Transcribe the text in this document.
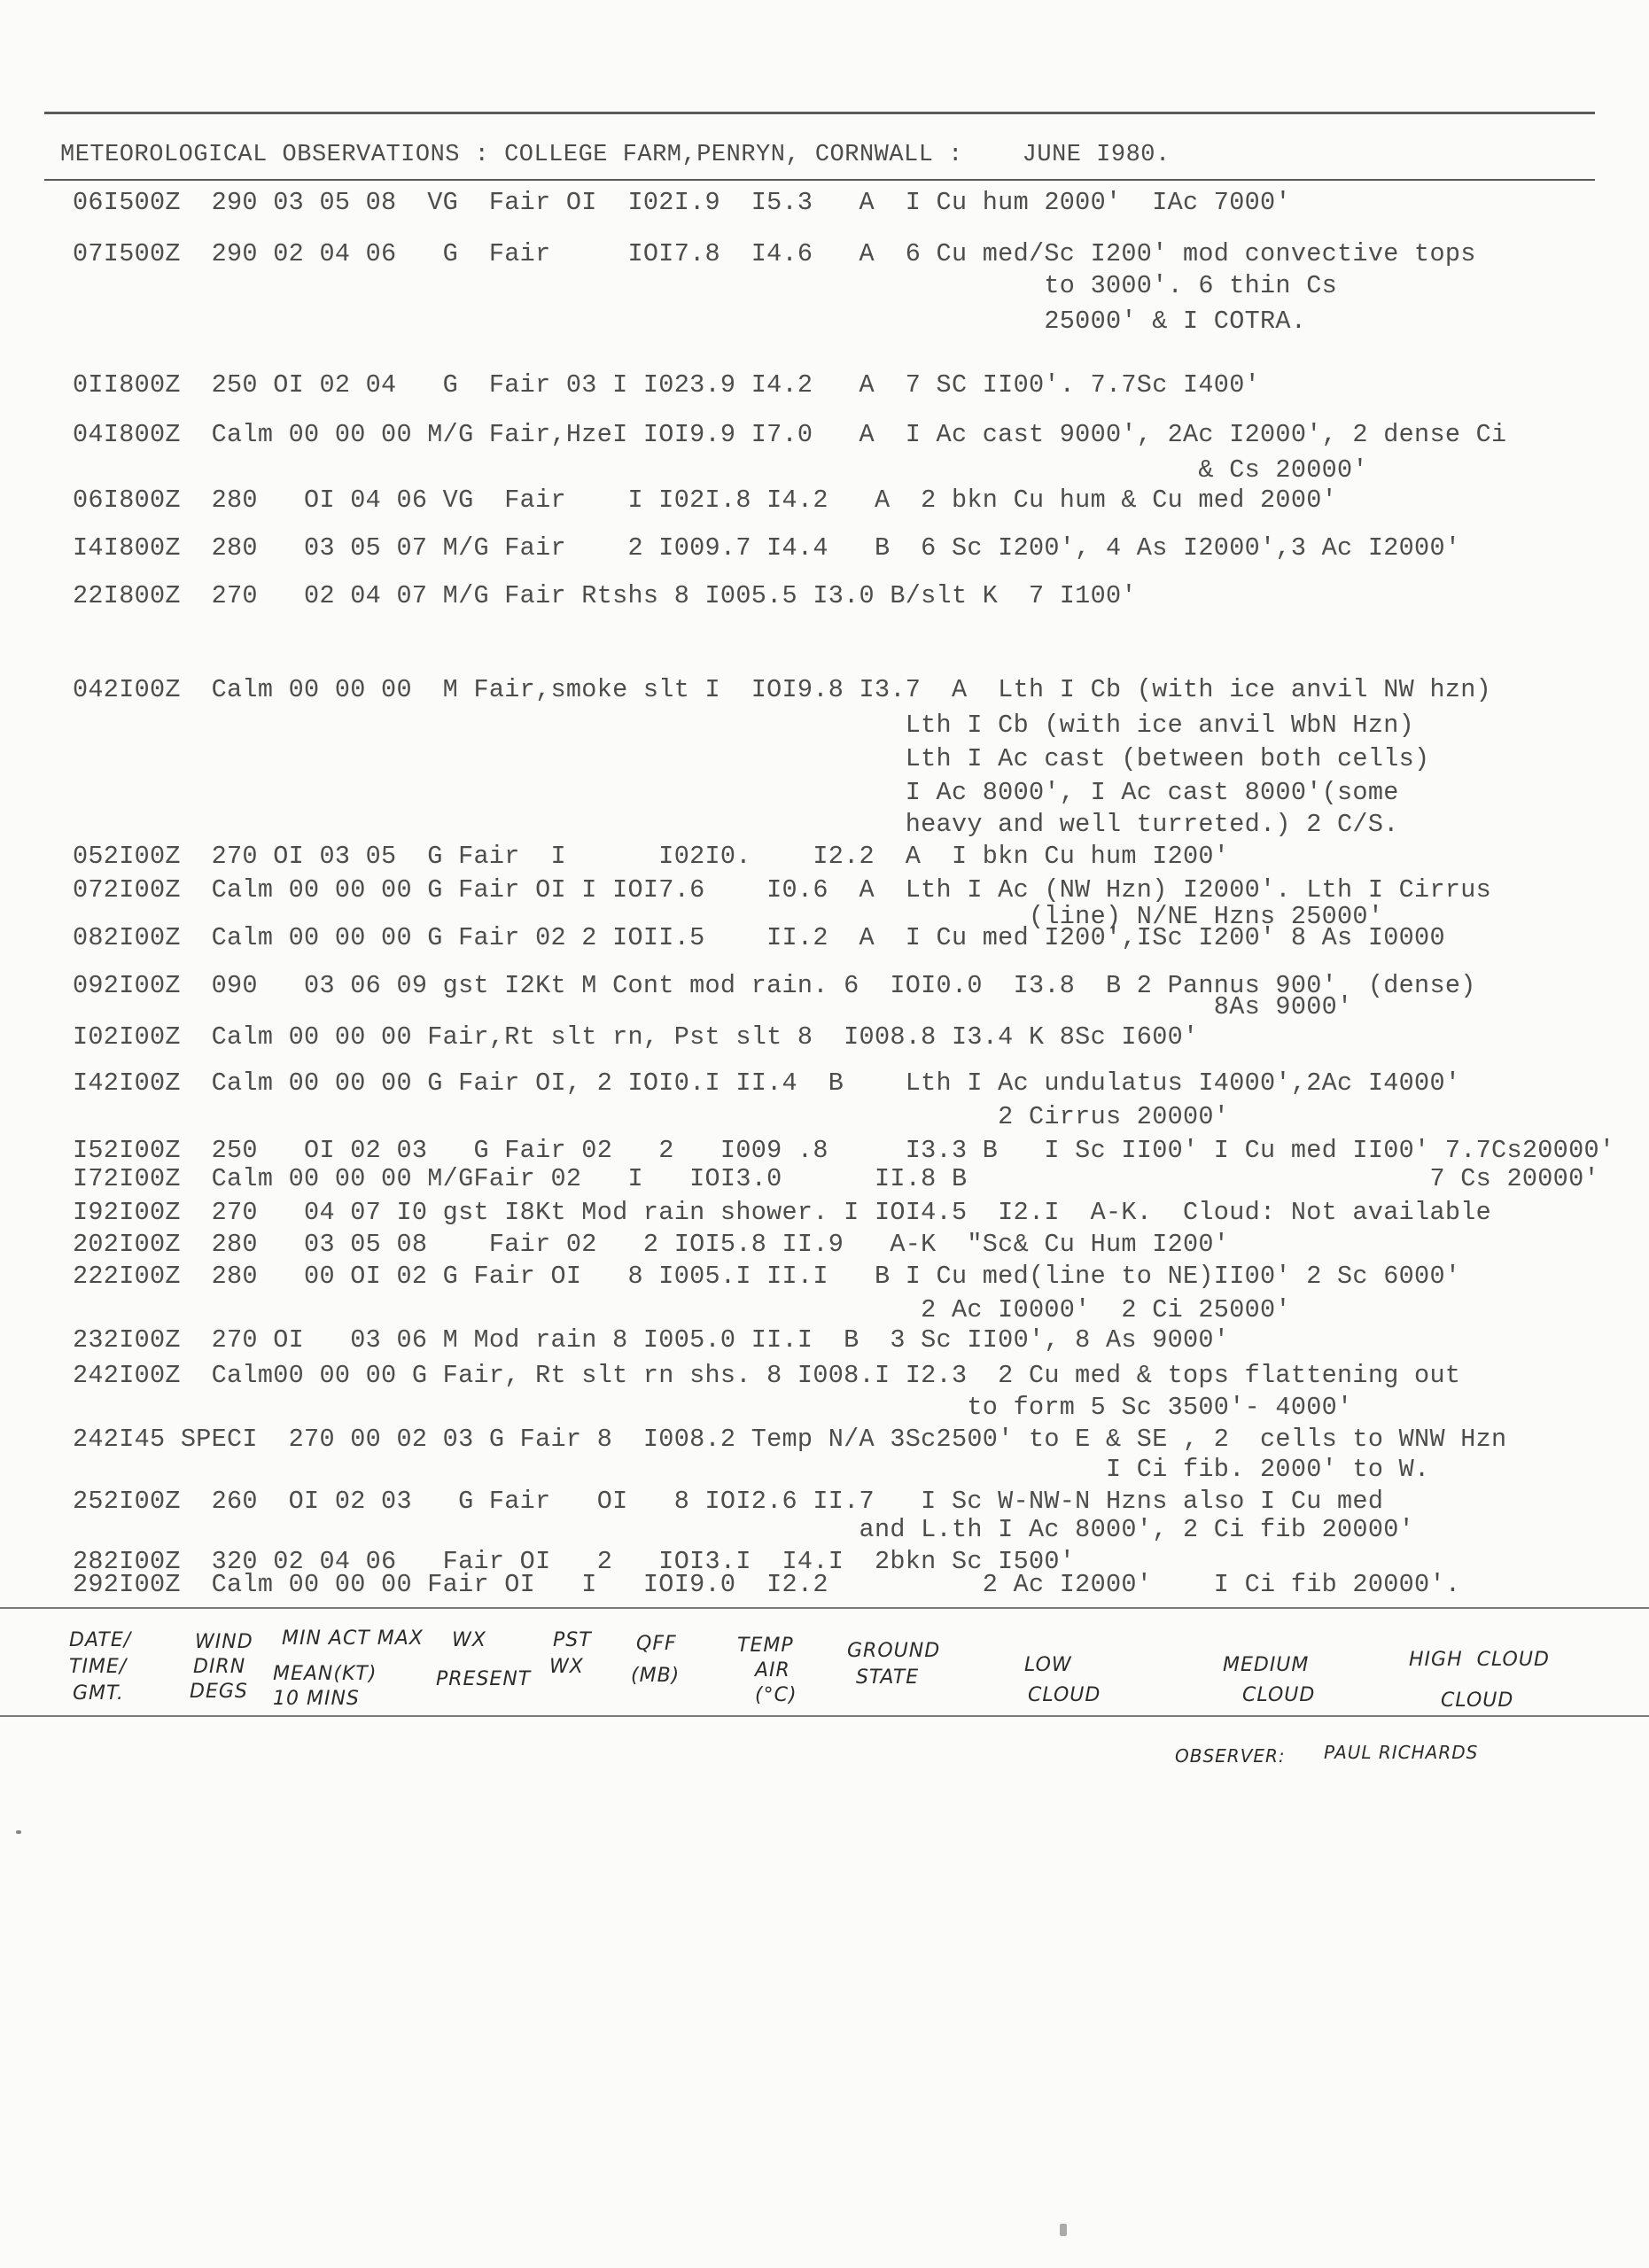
METEOROLOGICAL OBSERVATIONS : COLLEGE FARM,PENRYN, CORNWALL :    JUNE I980.
06I500Z  290 03 05 08  VG  Fair OI  I02I.9  I5.3   A  I Cu hum 2000'  IAc 7000'
07I500Z  290 02 04 06   G  Fair     IOI7.8  I4.6   A  6 Cu med/Sc I200' mod convective tops
to 3000'. 6 thin Cs
25000' & I COTRA.
0II800Z  250 OI 02 04   G  Fair 03 I I023.9 I4.2   A  7 SC II00'. 7.7Sc I400'
04I800Z  Calm 00 00 00 M/G Fair,HzeI IOI9.9 I7.0   A  I Ac cast 9000', 2Ac I2000', 2 dense Ci
& Cs 20000'
06I800Z  280   OI 04 06 VG  Fair    I I02I.8 I4.2   A  2 bkn Cu hum & Cu med 2000'
I4I800Z  280   03 05 07 M/G Fair    2 I009.7 I4.4   B  6 Sc I200', 4 As I2000',3 Ac I2000'
22I800Z  270   02 04 07 M/G Fair Rtshs 8 I005.5 I3.0 B/slt K  7 I100'
042I00Z  Calm 00 00 00  M Fair,smoke slt I  IOI9.8 I3.7  A  Lth I Cb (with ice anvil NW hzn)
Lth I Cb (with ice anvil WbN Hzn)
Lth I Ac cast (between both cells)
I Ac 8000', I Ac cast 8000'(some
heavy and well turreted.) 2 C/S.
052I00Z  270 OI 03 05  G Fair  I      I02I0.    I2.2  A  I bkn Cu hum I200'
072I00Z  Calm 00 00 00 G Fair OI I IOI7.6    I0.6  A  Lth I Ac (NW Hzn) I2000'. Lth I Cirrus
(line) N/NE Hzns 25000'
082I00Z  Calm 00 00 00 G Fair 02 2 IOII.5    II.2  A  I Cu med I200',ISc I200' 8 As I0000
092I00Z  090   03 06 09 gst I2Kt M Cont mod rain. 6  IOI0.0  I3.8  B 2 Pannus 900'  (dense)
8As 9000'
I02I00Z  Calm 00 00 00 Fair,Rt slt rn, Pst slt 8  I008.8 I3.4 K 8Sc I600'
I42I00Z  Calm 00 00 00 G Fair OI, 2 IOI0.I II.4  B    Lth I Ac undulatus I4000',2Ac I4000'
2 Cirrus 20000'
I52I00Z  250   OI 02 03   G Fair 02   2   I009 .8     I3.3 B   I Sc II00' I Cu med II00' 7.7Cs20000'
I72I00Z  Calm 00 00 00 M/GFair 02   I   IOI3.0      II.8 B                              7 Cs 20000'
I92I00Z  270   04 07 I0 gst I8Kt Mod rain shower. I IOI4.5  I2.I  A-K.  Cloud: Not available
202I00Z  280   03 05 08    Fair 02   2 IOI5.8 II.9   A-K  "Sc& Cu Hum I200'
222I00Z  280   00 OI 02 G Fair OI   8 I005.I II.I   B I Cu med(line to NE)II00' 2 Sc 6000'
2 Ac I0000'  2 Ci 25000'
232I00Z  270 OI   03 06 M Mod rain 8 I005.0 II.I  B  3 Sc II00', 8 As 9000'
242I00Z  Calm00 00 00 G Fair, Rt slt rn shs. 8 I008.I I2.3  2 Cu med & tops flattening out
to form 5 Sc 3500'- 4000'
242I45 SPECI  270 00 02 03 G Fair 8  I008.2 Temp N/A 3Sc2500' to E & SE , 2  cells to WNW Hzn
I Ci fib. 2000' to W.
252I00Z  260  OI 02 03   G Fair   OI   8 IOI2.6 II.7   I Sc W-NW-N Hzns also I Cu med
and L.th I Ac 8000', 2 Ci fib 20000'
282I00Z  320 02 04 06   Fair OI   2   IOI3.I  I4.I  2bkn Sc I500'
292I00Z  Calm 00 00 00 Fair OI   I   IOI9.0  I2.2          2 Ac I2000'    I Ci fib 20000'.
DATE/
TIME/
GMT.
WIND
DIRN
DEGS
MIN ACT MAX
MEAN(KT)
10 MINS
WX
PRESENT
PST
WX
QFF
(MB)
TEMP
AIR
(°C)
GROUND
STATE
LOW
CLOUD
MEDIUM
CLOUD
HIGH  CLOUD
CLOUD
OBSERVER: PAUL RICHARDS
